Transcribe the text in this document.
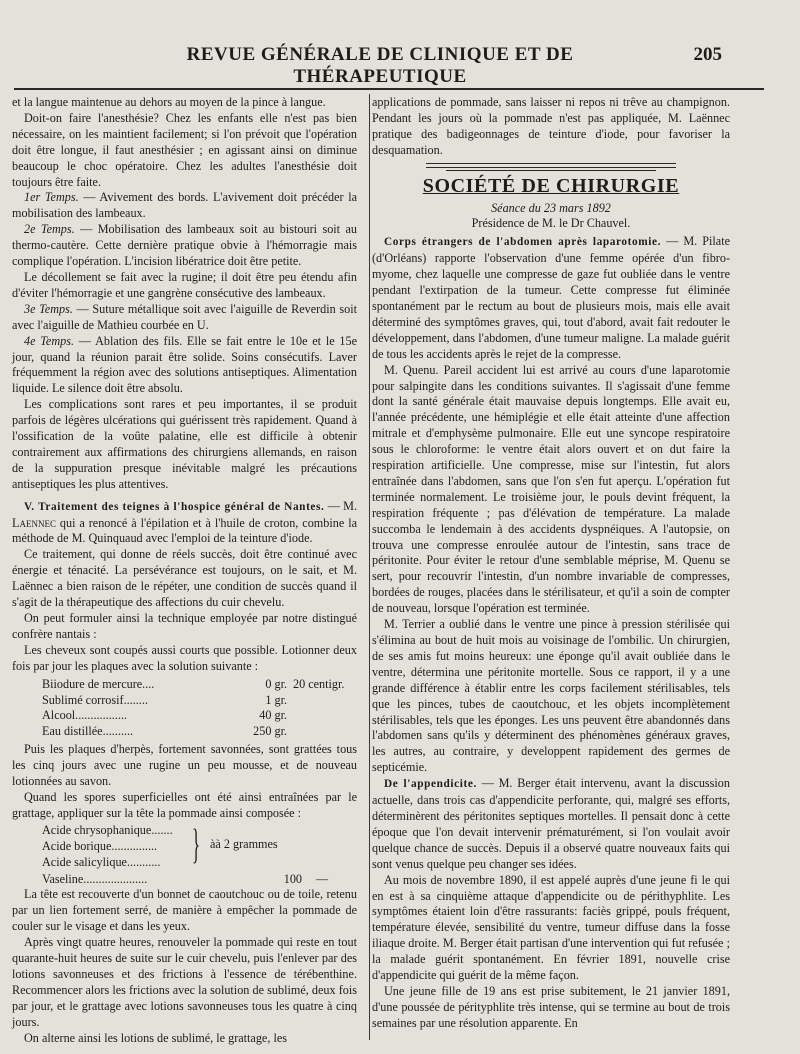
REVUE GÉNÉRALE DE CLINIQUE ET DE THÉRAPEUTIQUE
205

et la langue maintenue au dehors au moyen de la pince à langue.

Doit-on faire l'anesthésie? Chez les enfants elle n'est pas bien nécessaire, on les maintient facilement; si l'on prévoit que l'opération doit être longue, il faut anesthésier ; en agissant ainsi on diminue beaucoup le choc opératoire. Chez les adultes l'anesthésie doit toujours être faite.

1er Temps. — Avivement des bords. L'avivement doit précéder la mobilisation des lambeaux.

2e Temps. — Mobilisation des lambeaux soit au bistouri soit au thermo-cautère. Cette dernière pratique obvie à l'hémorragie mais complique l'opération. L'incision libératrice doit être petite.

Le décollement se fait avec la rugine; il doit être peu étendu afin d'éviter l'hémorragie et une gangrène consécutive des lambeaux.

3e Temps. — Suture métallique soit avec l'aiguille de Reverdin soit avec l'aiguille de Mathieu courbée en U.

4e Temps. — Ablation des fils. Elle se fait entre le 10e et le 15e jour, quand la réunion parait être solide. Soins consécutifs. Laver fréquemment la région avec des solutions antiseptiques. Alimentation liquide. Le silence doit être absolu.

Les complications sont rares et peu importantes, il se produit parfois de légères ulcérations qui guérissent très rapidement. Quand à l'ossification de la voûte palatine, elle est difficile à obtenir contrairement aux affirmations des chirurgiens allemands, en raison de la suppuration presque inévitable malgré les précautions antiseptiques les plus attentives.

V. Traitement des teignes à l'hospice général de Nantes. — M. Laennec qui a renoncé à l'épilation et à l'huile de croton, combine la méthode de M. Quinquaud avec l'emploi de la teinture d'iode.

Ce traitement, qui donne de réels succès, doit être continué avec énergie et ténacité. La persévérance est toujours, on le sait, et M. Laënnec a bien raison de le répéter, une condition de succès quand il s'agit de la thérapeutique des affections du cuir chevelu.

On peut formuler ainsi la technique employée par notre distingué confrère nantais :

Les cheveux sont coupés aussi courts que possible. Lotionner deux fois par jour les plaques avec la solution suivante :

Biiodure de mercure....	0 gr. 20 centigr.
Sublimé corrosif........	1 gr.
Alcool.................	40 gr.
Eau distillée..........	250 gr.

Puis les plaques d'herpès, fortement savonnées, sont grattées tous les cinq jours avec une rugine un peu mousse, et de nouveau lotionnées au savon.

Quand les spores superficielles ont été ainsi entraînées par le grattage, appliquer sur la tête la pommade ainsi composée :

Acide chrysophanique.......
Acide borique...............
Acide salicylique........... } àà 2 grammes
Vaseline.....................	100	—

La tête est recouverte d'un bonnet de caoutchouc ou de toile, retenu par un lien fortement serré, de manière à empêcher la pommade de couler sur le visage et dans les yeux.

Après vingt quatre heures, renouveler la pommade qui reste en tout quarante-huit heures de suite sur le cuir chevelu, puis l'enlever par des lotions savonneuses et des frictions à l'essence de térébenthine. Recommencer alors les frictions avec la solution de sublimé, deux fois par jour, et le grattage avec lotions savonneuses tous les quatre à cinq jours.

On alterne ainsi les lotions de sublimé, le grattage, les

applications de pommade, sans laisser ni repos ni trêve au champignon. Pendant les jours où la pommade n'est pas appliquée, M. Laënnec pratique des badigeonnages de teinture d'iode, pour favoriser la desquamation.

SOCIÉTÉ DE CHIRURGIE

Séance du 23 mars 1892

Présidence de M. le Dr Chauvel.

Corps étrangers de l'abdomen après laparotomie. — M. Pilate (d'Orléans) rapporte l'observation d'une femme opérée d'un fibro-myome, chez laquelle une compresse de gaze fut oubliée dans le ventre pendant l'extirpation de la tumeur. Cette compresse fut éliminée spontanément par le rectum au bout de plusieurs mois, mais elle avait déterminé des symptômes graves, qui, tout d'abord, avait fait redouter le développement, dans l'abdomen, d'une tumeur maligne. La malade guérit de tous les accidents après le rejet de la compresse.

M. Quenu. Pareil accident lui est arrivé au cours d'une laparotomie pour salpingite dans les conditions suivantes. Il s'agissait d'une femme dont la santé générale était mauvaise depuis longtemps. Elle avait eu, l'année précédente, une hémiplégie et elle était atteinte d'une affection mitrale et d'emphysème pulmonaire. Elle eut une syncope respiratoire sous le chloroforme: le ventre était alors ouvert et on dut faire la respiration artificielle. Une compresse, mise sur l'intestin, fut alors entraînée dans l'abdomen, sans que l'on s'en fut aperçu. L'opération fut terminée normalement. Le troisième jour, le pouls devint fréquent, la respiration fréquente ; pas d'élévation de température. La malade succomba le lendemain à des accidents dyspnéiques. A l'autopsie, on trouva une compresse enroulée autour de l'intestin, sans trace de péritonite. Pour éviter le retour d'une semblable méprise, M. Quenu se sert, pour recouvrir l'intestin, d'un nombre invariable de compresses, bordées de rouges, placées dans le stérilisateur, et qu'il a soin de compter de nouveau, lorsque l'opération est terminée.

M. Terrier a oublié dans le ventre une pince à pression stérilisée qui s'élimina au bout de huit mois au voisinage de l'ombilic. Un chirurgien, de ses amis fut moins heureux: une éponge qu'il avait oubliée dans le ventre, détermina une péritonite mortelle. Sous ce rapport, il y a une grande différence à établir entre les corps facilement stérilisables, tels que les pinces, tubes de caoutchouc, et les objets incomplètement stérilisables, tels que les éponges. Les uns peuvent être abandonnés dans l'abdomen sans qu'ils y déterminent des phénomènes généraux graves, les autres, au contraire, y developpent rapidement des germes de septicémie.

De l'appendicite. — M. Berger était intervenu, avant la discussion actuelle, dans trois cas d'appendicite perforante, qui, malgré ses efforts, déterminèrent des péritonites septiques mortelles. Il pensait donc à cette époque que l'on devait intervenir prématurément, si l'on voulait avoir quelque chance de succès. Depuis il a observé quatre nouveaux faits qui sont venus quelque peu changer ses idées.

Au mois de novembre 1890, il est appelé auprès d'une jeune fi le qui en est à sa cinquième attaque d'appendicite ou de périthyphlite. Les symptômes étaient loin d'être rassurants: faciès grippé, pouls fréquent, température élevée, sensibilité du ventre, tumeur diffuse dans la fosse iliaque droite. M. Berger était partisan d'une intervention qui fut refusée ; la malade guérit spontanément. En février 1891, nouvelle crise d'appendicite qui guérit de la même façon.

Une jeune fille de 19 ans est prise subitement, le 21 janvier 1891, d'une poussée de pérityphlite très intense, qui se termine au bout de trois semaines par une résolution apparente. En
